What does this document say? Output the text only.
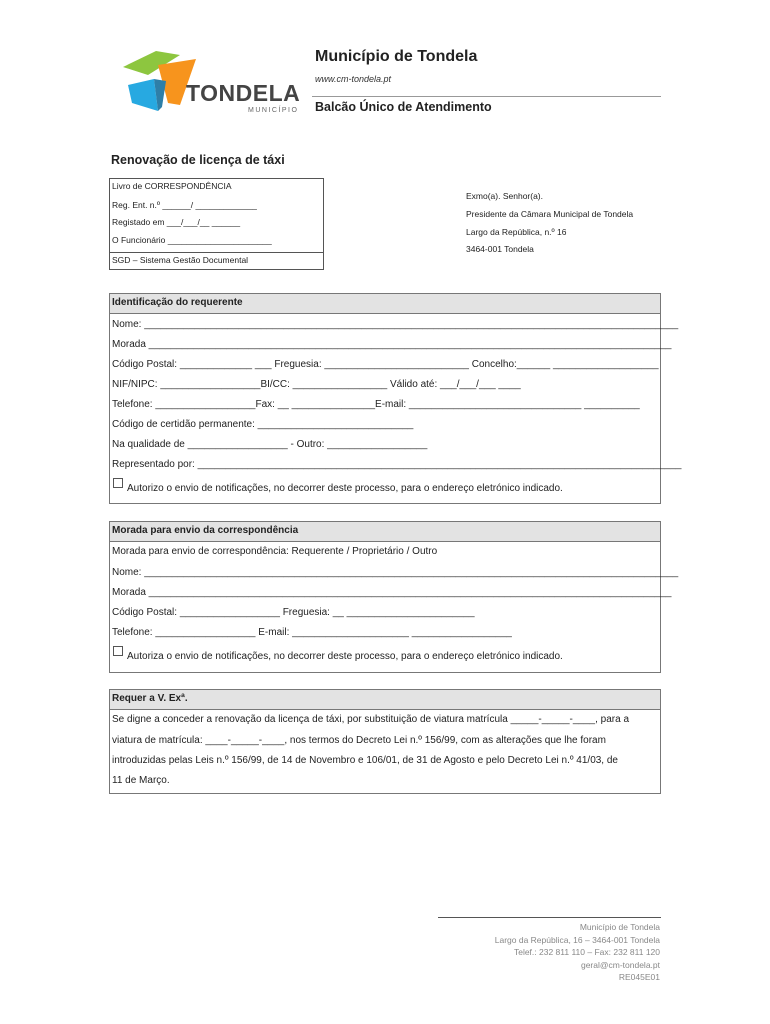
TONDELA
MUNICÍPIO
Município de Tondela
www.cm-tondela.pt
Balcão Único de Atendimento
Renovação de licença de táxi
Livro de CORRESPONDÊNCIA
Reg. Ent. n.º ______/ _____________
Registado em ___/___/__ ______
O Funcionário ______________________
SGD – Sistema Gestão Documental
Exmo(a). Senhor(a).
Presidente da Câmara Municipal de Tondela
Largo da República, n.º 16
3464-001 Tondela
Identificação do requerente
Nome: ________________________________________________________________________________________________
Morada ______________________________________________________________________________________________
Código Postal: _____________ ___ Freguesia: __________________________ Concelho:______ ___________________
NIF/NIPC: __________________BI/CC: _________________ Válido até: ___/___/___ ____
Telefone: __________________Fax: __ _______________E-mail: _______________________________ __________
Código de certidão permanente: ____________________________
Na qualidade de __________________ - Outro: __________________
Representado por: _______________________________________________________________________________________
Autorizo o envio de notificações, no decorrer deste processo, para o endereço eletrónico indicado.
Morada para envio da correspondência
Morada para envio de correspondência: Requerente / Proprietário / Outro
Nome: ________________________________________________________________________________________________
Morada ______________________________________________________________________________________________
Código Postal: __________________ Freguesia: __ _______________________
Telefone: __________________ E-mail: _____________________ __________________
Autoriza o envio de notificações, no decorrer deste processo, para o endereço eletrónico indicado.
Requer a V. Exª.
Se digne a conceder a renovação da licença de táxi, por substituição de viatura matrícula _____-_____-____, para a
viatura de matrícula: ____-_____-____, nos termos do Decreto Lei n.º 156/99, com as alterações que lhe foram
introduzidas pelas Leis n.º 156/99, de 14 de Novembro e 106/01, de 31 de Agosto e pelo Decreto Lei n.º 41/03, de
11 de Março.
Município de Tondela
Largo da República, 16 – 3464-001 Tondela
Telef.: 232 811 110 – Fax: 232 811 120
geral@cm-tondela.pt
RE045E01
